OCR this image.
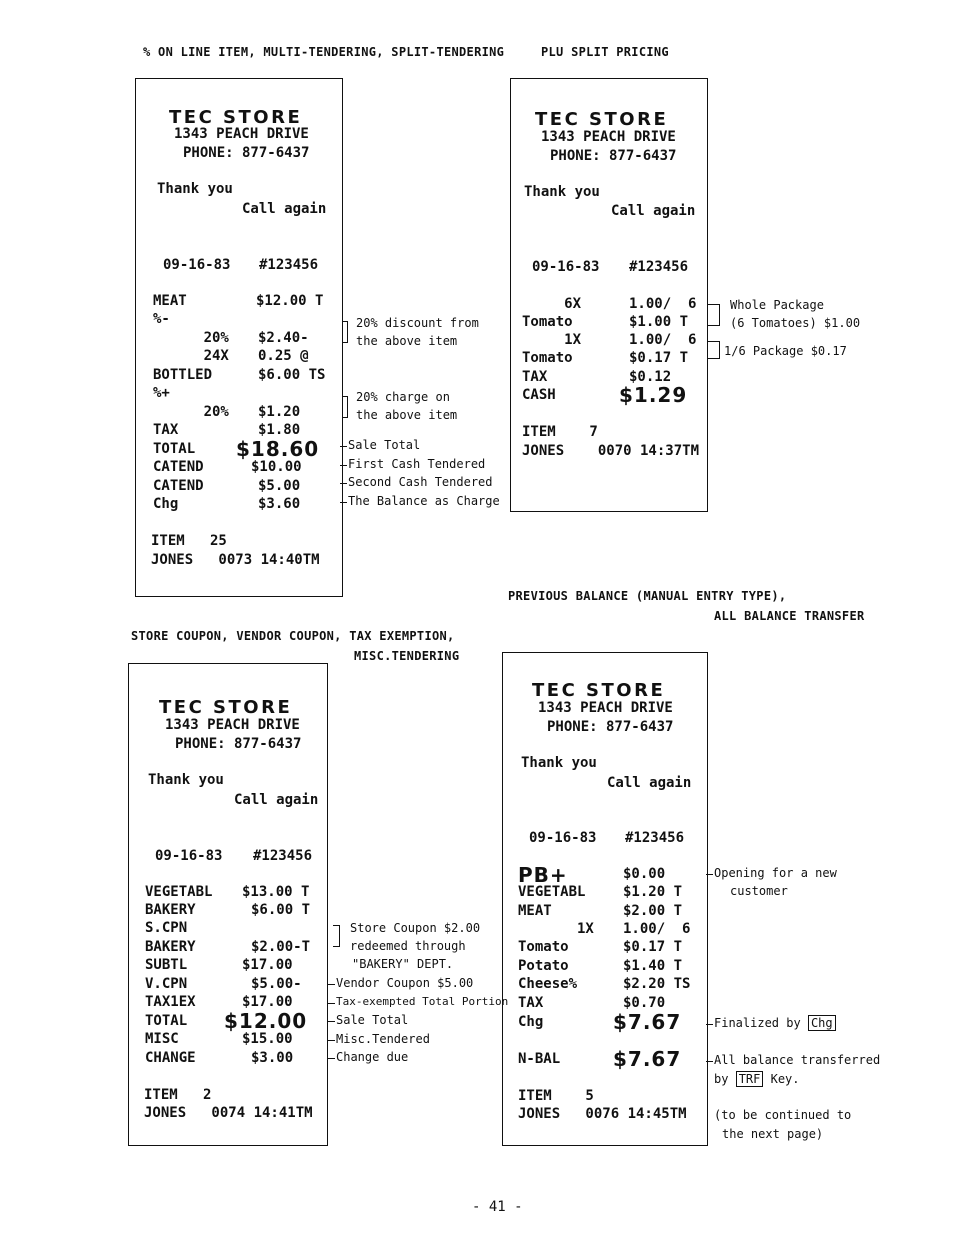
% ON LINE ITEM, MULTI-TENDERING, SPLIT-TENDERING	PLU SPLIT PRICING
PREVIOUS BALANCE (MANUAL ENTRY TYPE),
ALL BALANCE TRANSFER
STORE COUPON, VENDOR COUPON, TAX EXEMPTION,
MISC.TENDERING
TEC STORE
1343 PEACH DRIVE
PHONE: 877-6437
Thank you
Call again
09-16-83 #123456
MEAT	$12.00 T
%-
20% $2.40-
24X 0.25 @
BOTTLED	$6.00 TS
%+
20% $1.20
TAX	$1.80
TOTAL $18.60
CATEND	$10.00
CATEND	$5.00
Chg	$3.60
ITEM   25
JONES   0073 14:40TM
20% discount from
the above item
20% charge on
the above item
Sale Total
First Cash Tendered
Second Cash Tendered
The Balance as Charge
TEC STORE
1343 PEACH DRIVE
PHONE: 877-6437
Thank you
Call again
09-16-83 #123456
6X	1.00/  6
Tomato	$1.00 T
1X	1.00/  6
Tomato	$0.17 T
TAX	$0.12
CASH	$1.29
ITEM    7
JONES    0070 14:37TM
Whole Package
(6 Tomatoes) $1.00
1/6 Package $0.17
TEC STORE
1343 PEACH DRIVE
PHONE: 877-6437
Thank you
Call again
09-16-83 #123456
VEGETABL $13.00 T
BAKERY	$6.00 T
S.CPN
BAKERY	$2.00-T
SUBTL	$17.00
V.CPN	$5.00-
TAX1EX	$17.00
TOTAL $12.00
MISC	$15.00
CHANGE	$3.00
ITEM   2
JONES   0074 14:41TM
Store Coupon $2.00
redeemed through
"BAKERY" DEPT.
Vendor Coupon $5.00
Tax-exempted Total Portion
Sale Total
Misc.Tendered
Change due
TEC STORE
1343 PEACH DRIVE
PHONE: 877-6437
Thank you
Call again
09-16-83 #123456
PB+	$0.00
VEGETABL	$1.20 T
MEAT	$2.00 T
1X 1.00/  6
Tomato	$0.17 T
Potato	$1.40 T
Cheese%	$2.20 TS
TAX	$0.70
Chg	$7.67
N-BAL	$7.67
ITEM    5
JONES   0076 14:45TM
Opening for a new
customer
Finalized by Chg
All balance transferred
by TRF Key.
(to be continued to
the next page)
- 41 -
